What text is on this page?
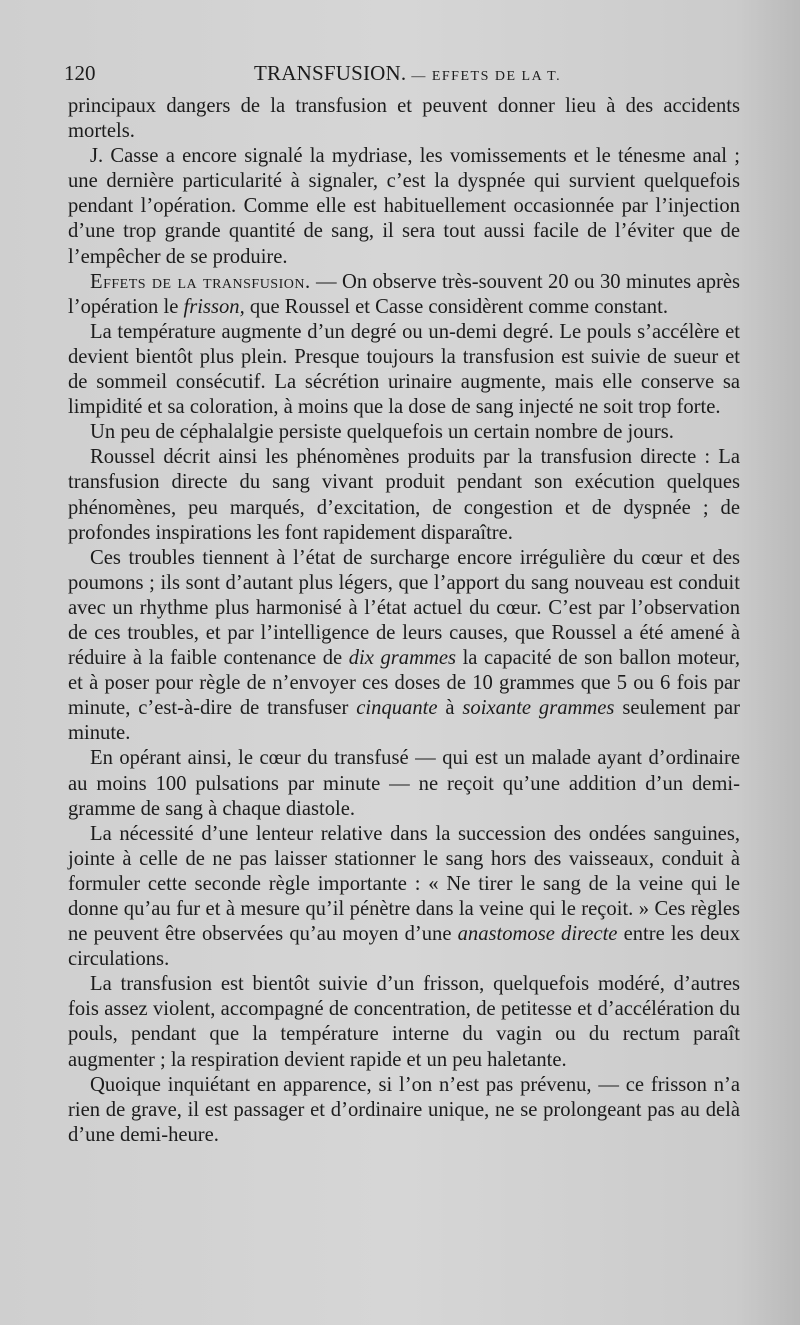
120	TRANSFUSION. — EFFETS DE LA T.

principaux dangers de la transfusion et peuvent donner lieu à des accidents mortels.

J. Casse a encore signalé la mydriase, les vomissements et le ténesme anal ; une dernière particularité à signaler, c’est la dyspnée qui survient quelquefois pendant l’opération. Comme elle est habituellement occasionnée par l’injection d’une trop grande quantité de sang, il sera tout aussi facile de l’éviter que de l’empêcher de se produire.

Effets de la transfusion. — On observe très-souvent 20 ou 30 minutes après l’opération le frisson, que Roussel et Casse considèrent comme constant.

La température augmente d’un degré ou un-demi degré. Le pouls s’accélère et devient bientôt plus plein. Presque toujours la transfusion est suivie de sueur et de sommeil consécutif. La sécrétion urinaire augmente, mais elle conserve sa limpidité et sa coloration, à moins que la dose de sang injecté ne soit trop forte.

Un peu de céphalalgie persiste quelquefois un certain nombre de jours.

Roussel décrit ainsi les phénomènes produits par la transfusion directe : La transfusion directe du sang vivant produit pendant son exécution quelques phénomènes, peu marqués, d’excitation, de congestion et de dyspnée ; de profondes inspirations les font rapidement disparaître.

Ces troubles tiennent à l’état de surcharge encore irrégulière du cœur et des poumons ; ils sont d’autant plus légers, que l’apport du sang nouveau est conduit avec un rhythme plus harmonisé à l’état actuel du cœur. C’est par l’observation de ces troubles, et par l’intelligence de leurs causes, que Roussel a été amené à réduire à la faible contenance de dix grammes la capacité de son ballon moteur, et à poser pour règle de n’envoyer ces doses de 10 grammes que 5 ou 6 fois par minute, c’est-à-dire de transfuser cinquante à soixante grammes seulement par minute.

En opérant ainsi, le cœur du transfusé — qui est un malade ayant d’ordinaire au moins 100 pulsations par minute — ne reçoit qu’une addition d’un demi-gramme de sang à chaque diastole.

La nécessité d’une lenteur relative dans la succession des ondées sanguines, jointe à celle de ne pas laisser stationner le sang hors des vaisseaux, conduit à formuler cette seconde règle importante : « Ne tirer le sang de la veine qui le donne qu’au fur et à mesure qu’il pénètre dans la veine qui le reçoit. » Ces règles ne peuvent être observées qu’au moyen d’une anastomose directe entre les deux circulations.

La transfusion est bientôt suivie d’un frisson, quelquefois modéré, d’autres fois assez violent, accompagné de concentration, de petitesse et d’accélération du pouls, pendant que la température interne du vagin ou du rectum paraît augmenter ; la respiration devient rapide et un peu haletante.

Quoique inquiétant en apparence, si l’on n’est pas prévenu, — ce frisson n’a rien de grave, il est passager et d’ordinaire unique, ne se prolongeant pas au delà d’une demi-heure.
